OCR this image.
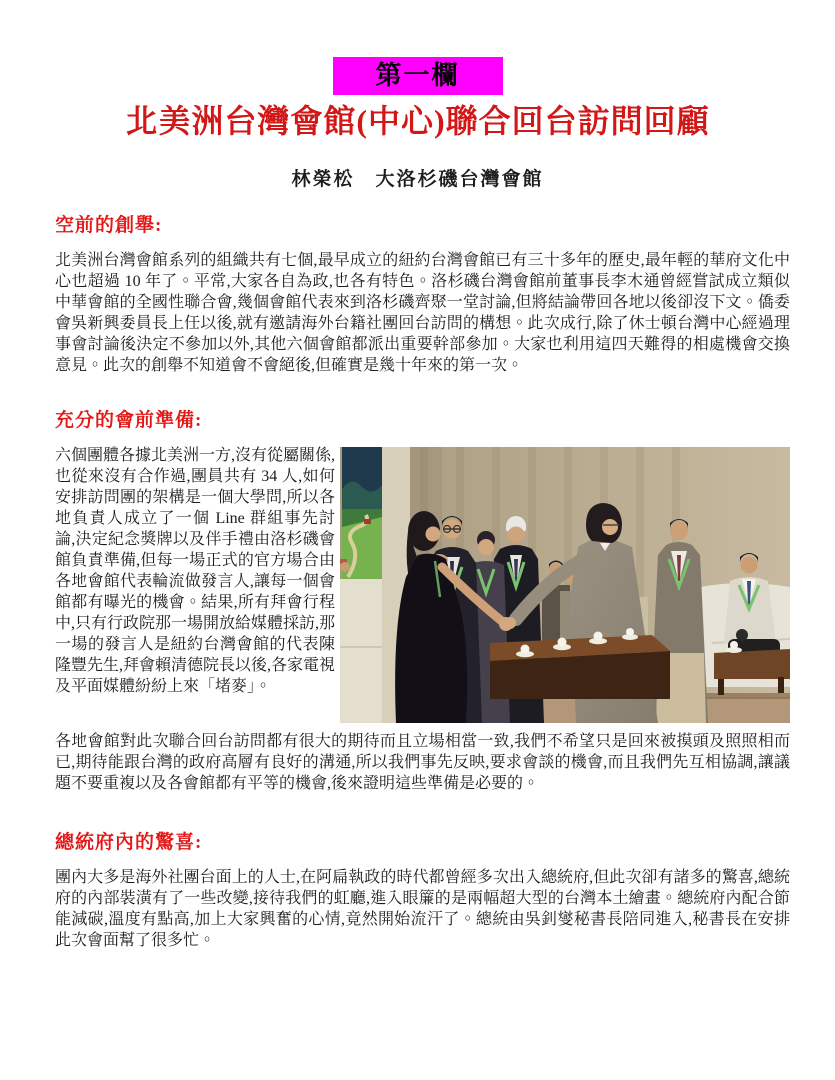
第一欄
北美洲台灣會館(中心)聯合回台訪問回顧
林榮松　大洛杉磯台灣會館
空前的創舉:

北美洲台灣會館系列的組織共有七個,最早成立的紐約台灣會館已有三十多年的歷史,最年輕的華府文化中心也超過 10 年了。平常,大家各自為政,也各有特色。洛杉磯台灣會館前董事長李木通曾經嘗試成立類似中華會館的全國性聯合會,幾個會館代表來到洛杉磯齊聚一堂討論,但將結論帶回各地以後卻沒下文。僑委會吳新興委員長上任以後,就有邀請海外台籍社團回台訪問的構想。此次成行,除了休士頓台灣中心經過理事會討論後決定不參加以外,其他六個會館都派出重要幹部參加。大家也利用這四天難得的相處機會交換意見。此次的創舉不知道會不會絕後,但確實是幾十年來的第一次。

充分的會前準備:

六個團體各據北美洲一方,沒有從屬關係,也從來沒有合作過,團員共有 34 人,如何安排訪問團的架構是一個大學問,所以各地負責人成立了一個 Line 群組事先討論,決定紀念獎牌以及伴手禮由洛杉磯會館負責準備,但每一場正式的官方場合由各地會館代表輪流做發言人,讓每一個會館都有曝光的機會。結果,所有拜會行程中,只有行政院那一場開放給媒體採訪,那一場的發言人是紐約台灣會館的代表陳隆豐先生,拜會賴清德院長以後,各家電視及平面媒體紛紛上來「堵麥」。

各地會館對此次聯合回台訪問都有很大的期待而且立場相當一致,我們不希望只是回來被摸頭及照照相而已,期待能跟台灣的政府高層有良好的溝通,所以我們事先反映,要求會談的機會,而且我們先互相協調,讓議題不要重複以及各會館都有平等的機會,後來證明這些準備是必要的。

總統府內的驚喜:

團內大多是海外社團台面上的人士,在阿扁執政的時代都曾經多次出入總統府,但此次卻有諸多的驚喜,總統府的內部裝潢有了一些改變,接待我們的虹廳,進入眼簾的是兩幅超大型的台灣本土繪畫。總統府內配合節能減碳,溫度有點高,加上大家興奮的心情,竟然開始流汗了。總統由吳釗燮秘書長陪同進入,秘書長在安排此次會面幫了很多忙。
